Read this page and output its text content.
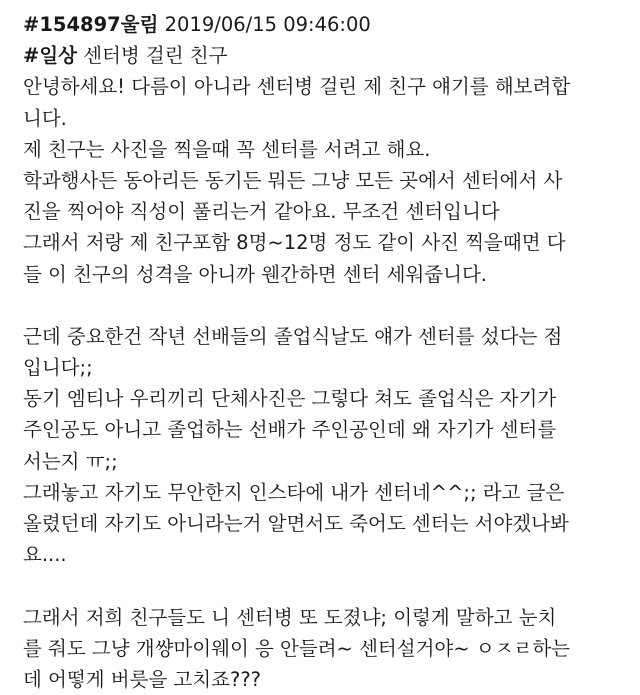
#154897울림 2019/06/15 09:46:00
#일상 센터병 걸린 친구
안녕하세요! 다름이 아니라 센터병 걸린 제 친구 얘기를 해보려합
니다.
제 친구는 사진을 찍을때 꼭 센터를 서려고 해요.
학과행사든 동아리든 동기든 뭐든 그냥 모든 곳에서 센터에서 사
진을 찍어야 직성이 풀리는거 같아요. 무조건 센터입니다
그래서 저랑 제 친구포함 8명~12명 정도 같이 사진 찍을때면 다
들 이 친구의 성격을 아니까 웬간하면 센터 세워줍니다.
근데 중요한건 작년 선배들의 졸업식날도 얘가 센터를 섰다는 점
입니다;;
동기 엠티나 우리끼리 단체사진은 그렇다 쳐도 졸업식은 자기가
주인공도 아니고 졸업하는 선배가 주인공인데 왜 자기가 센터를
서는지 ㅠ;;
그래놓고 자기도 무안한지 인스타에 내가 센터네^^;; 라고 글은
올렸던데 자기도 아니라는거 알면서도 죽어도 센터는 서야겠나봐
요....
그래서 저희 친구들도 니 센터병 또 도졌냐; 이렇게 말하고 눈치
를 줘도 그냥 개썅마이웨이 응 안들려~ 센터설거야~ ㅇㅈㄹ하는
데 어떻게 버릇을 고치죠???
